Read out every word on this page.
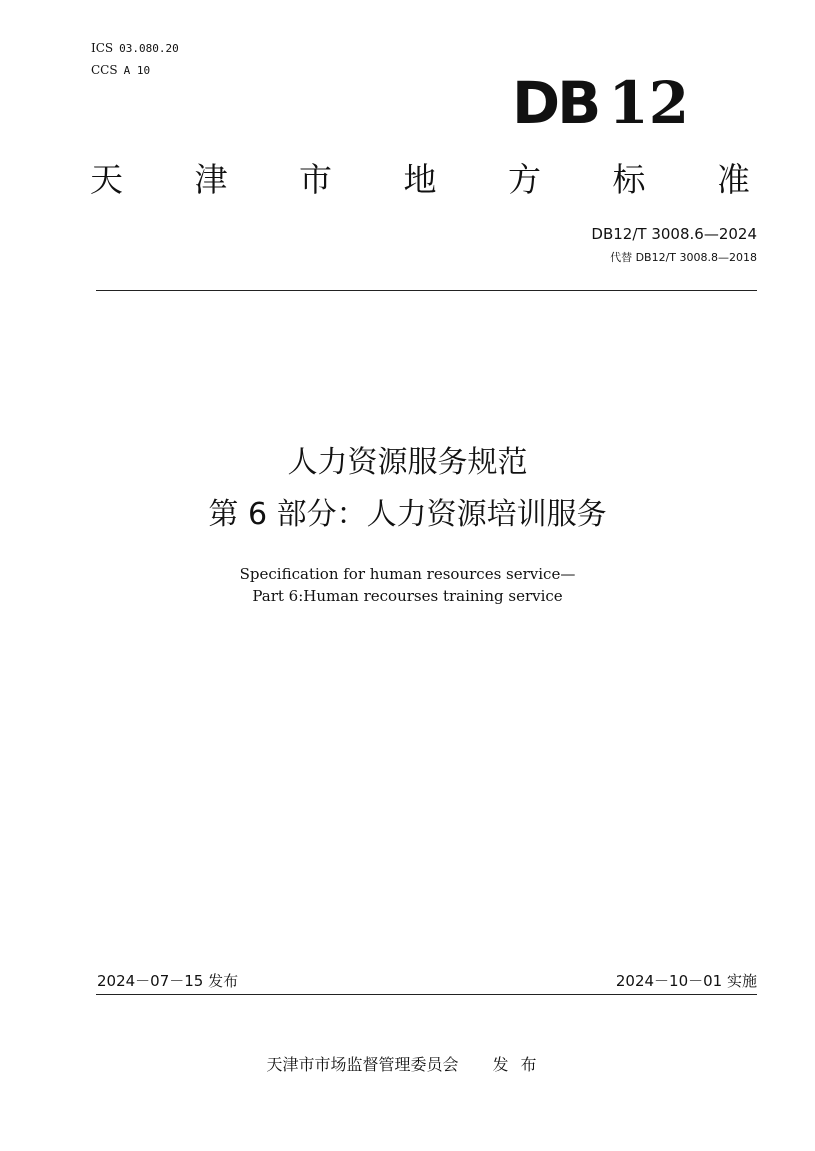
ICS 03.080.20
CCS A 10	DB 12
天 津 市 地 方 标 准
DB12/T 3008.6—2024
代替 DB12/T 3008.8—2018
人力资源服务规范
第 6 部分：人力资源培训服务
Specification for human resources service—
Part 6:Human recourses training service
2024－07－15 发布	2024－10－01 实施
天津市市场监督管理委员会 发布
